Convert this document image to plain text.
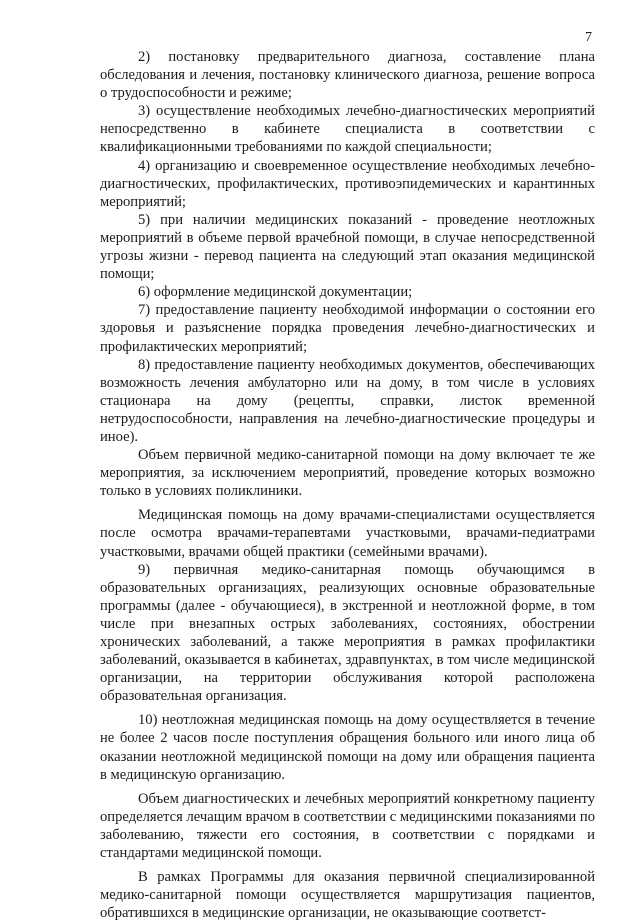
7

2) постановку предварительного диагноза, составление плана обследования и лечения, постановку клинического диагноза, решение вопроса о трудоспособности и режиме;

3) осуществление необходимых лечебно-диагностических мероприятий непосредственно в кабинете специалиста в соответствии с квалификационными требованиями по каждой специальности;

4) организацию и своевременное осуществление необходимых лечебно-диагностических, профилактических, противоэпидемических и карантинных мероприятий;

5) при наличии медицинских показаний - проведение неотложных мероприятий в объеме первой врачебной помощи, в случае непосредственной угрозы жизни - перевод пациента на следующий этап оказания медицинской помощи;

6) оформление медицинской документации;

7) предоставление пациенту необходимой информации о состоянии его здоровья и разъяснение порядка проведения лечебно-диагностических и профилактических мероприятий;

8) предоставление пациенту необходимых документов, обеспечивающих возможность лечения амбулаторно или на дому, в том числе в условиях стационара на дому (рецепты, справки, листок временной нетрудоспособности, направления на лечебно-диагностические процедуры и иное).

Объем первичной медико-санитарной помощи на дому включает те же мероприятия, за исключением мероприятий, проведение которых возможно только в условиях поликлиники.

Медицинская помощь на дому врачами-специалистами осуществляется после осмотра врачами-терапевтами участковыми, врачами-педиатрами участковыми, врачами общей практики (семейными врачами).

9) первичная медико-санитарная помощь обучающимся в образовательных организациях, реализующих основные образовательные программы (далее - обучающиеся), в экстренной и неотложной форме, в том числе при внезапных острых заболеваниях, состояниях, обострении хронических заболеваний, а также мероприятия в рамках профилактики заболеваний, оказывается в кабинетах, здравпунктах, в том числе медицинской организации, на территории обслуживания которой расположена образовательная организация.

10) неотложная медицинская помощь на дому осуществляется в течение не более 2 часов после поступления обращения больного или иного лица об оказании неотложной медицинской помощи на дому или обращения пациента в медицинскую организацию.

Объем диагностических и лечебных мероприятий конкретному пациенту определяется лечащим врачом в соответствии с медицинскими показаниями по заболеванию, тяжести его состояния, в соответствии с порядками и стандартами медицинской помощи.

В рамках Программы для оказания первичной специализированной медико-санитарной помощи осуществляется маршрутизация пациентов, обратившихся в медицинские организации, не оказывающие соответст-
